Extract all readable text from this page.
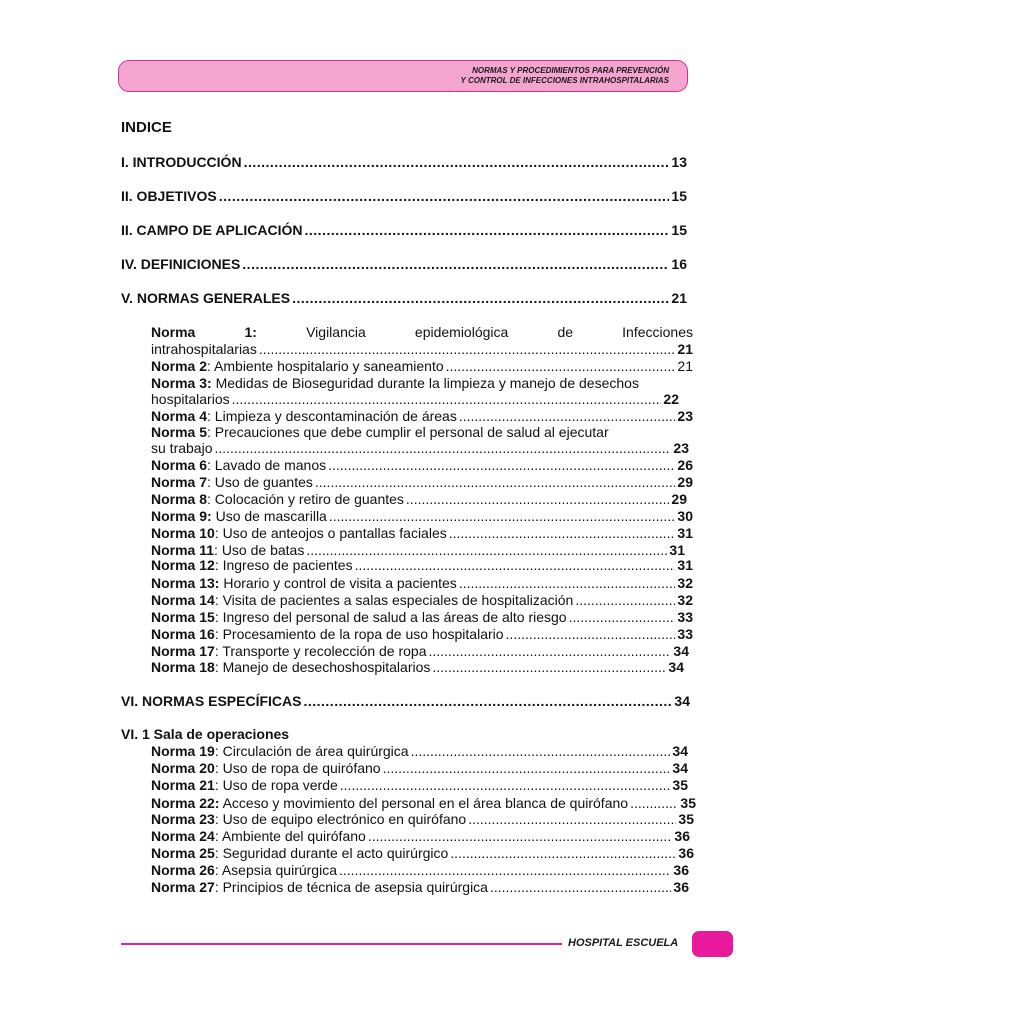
NORMAS Y PROCEDIMIENTOS PARA PREVENCIÓN
Y CONTROL DE INFECCIONES INTRAHOSPITALARIAS
INDICE
I. INTRODUCCIÓN .....	13
II. OBJETIVOS .....	15
II. CAMPO DE APLICACIÓN .....	15
IV. DEFINICIONES .....	16
V. NORMAS GENERALES .....	21
Norma	1:	Vigilancia	epidemiológica	de	Infecciones
intrahospitalarias .....	21
Norma 2: Ambiente hospitalario y saneamiento .....	21
Norma 3: Medidas de Bioseguridad durante la limpieza y manejo de desechos
hospitalarios .....	22
Norma 4: Limpieza y descontaminación de áreas .....	23
Norma 5: Precauciones que debe cumplir el personal de salud al ejecutar
su trabajo .....	23
Norma 6: Lavado de manos .....	26
Norma 7: Uso de guantes .....	29
Norma 8: Colocación y retiro de guantes .....	29
Norma 9: Uso de mascarilla .....	30
Norma 10: Uso de anteojos o pantallas faciales .....	31
Norma 11: Uso de batas .....	31
Norma 12: Ingreso de pacientes .....	31
Norma 13: Horario y control de visita a pacientes .....	32
Norma 14: Visita de pacientes a salas especiales de hospitalización .....	32
Norma 15: Ingreso del personal de salud a las áreas de alto riesgo .....	33
Norma 16: Procesamiento de la ropa de uso hospitalario .....	33
Norma 17: Transporte y recolección de ropa .....	34
Norma 18: Manejo de desechoshospitalarios .....	34
VI. NORMAS ESPECÍFICAS .....	34
VI. 1 Sala de operaciones
Norma 19: Circulación de área quirúrgica .....	34
Norma 20: Uso de ropa de quirófano .....	34
Norma 21: Uso de ropa verde .....	35
Norma 22: Acceso y movimiento del personal en el área blanca de quirófano .....	35
Norma 23: Uso de equipo electrónico en quirófano .....	35
Norma 24: Ambiente del quirófano .....	36
Norma 25: Seguridad durante el acto quirúrgico .....	36
Norma 26: Asepsia quirúrgica .....	36
Norma 27: Principios de técnica de asepsia quirúrgica .....	36
HOSPITAL ESCUELA
